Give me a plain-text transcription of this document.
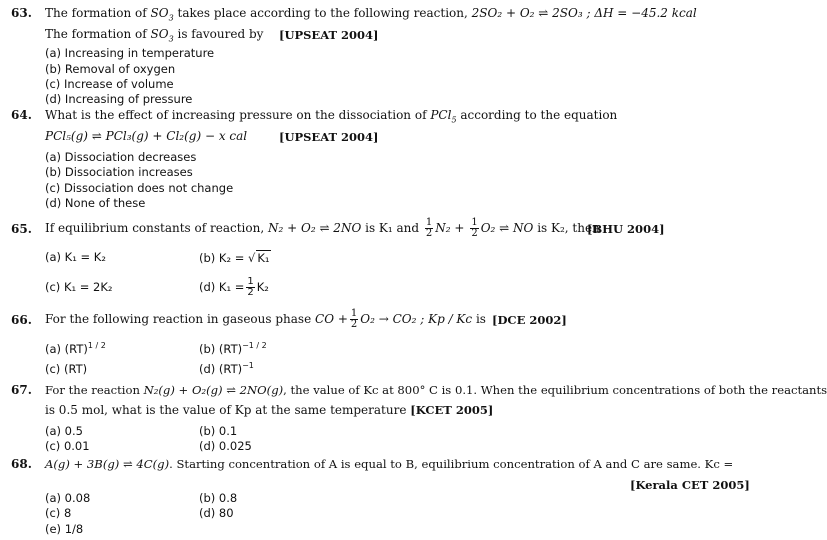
63. The formation of $SO_3$ takes place according to the following reaction, 2SO₂ + O₂ ⇌ 2SO₃ ; ΔH = −45.2 kcal
The formation of $SO_3$ is favoured by [UPSEAT 2004]
(a) Increasing in temperature
(b) Removal of oxygen
(c) Increase of volume
(d) Increasing of pressure
64. What is the effect of increasing pressure on the dissociation of PCl$_5$ according to the equation
PCl₅(g) ⇌ PCl₃(g) + Cl₂(g) − x cal	[UPSEAT 2004]
(a) Dissociation decreases
(b) Dissociation increases
(c) Dissociation does not change
(d) None of these
65. If equilibrium constants of reaction, N₂ + O₂ ⇌ 2NO is K₁ and $\frac{1}{2} N_2 + \frac{1}{2} O_2$ ⇌ NO is K₂, then
[BHU 2004]
(a) K₁ = K₂	(b) K₂ = √ K₁
(c) K₁ = 2K₂	(d) $K_1 = \frac{1}{2} K_2$
66. For the following reaction in gaseous phase CO + $\frac{1}{2} O_2 \to CO_2$ ; Kp / Kc is [DCE 2002]
(a) (RT)$^{1 / 2}$	(b) (RT)$^{-1 / 2}$
(c) (RT)	(d) (RT)$^{-1}$
67. For the reaction N₂(g) + O₂(g) ⇌ 2NO(g), the value of Kc at 800° C is 0.1. When the equilibrium concentrations of both the reactants
is 0.5 mol, what is the value of Kp at the same temperature [KCET 2005]
(a) 0.5	(b) 0.1
(c) 0.01	(d) 0.025
68. A(g) + 3B(g) ⇌ 4C(g). Starting concentration of A is equal to B, equilibrium concentration of A and C are same. Kc =
[Kerala CET 2005]
(a) 0.08	(b) 0.8
(c) 8	(d) 80
(e) 1/8
